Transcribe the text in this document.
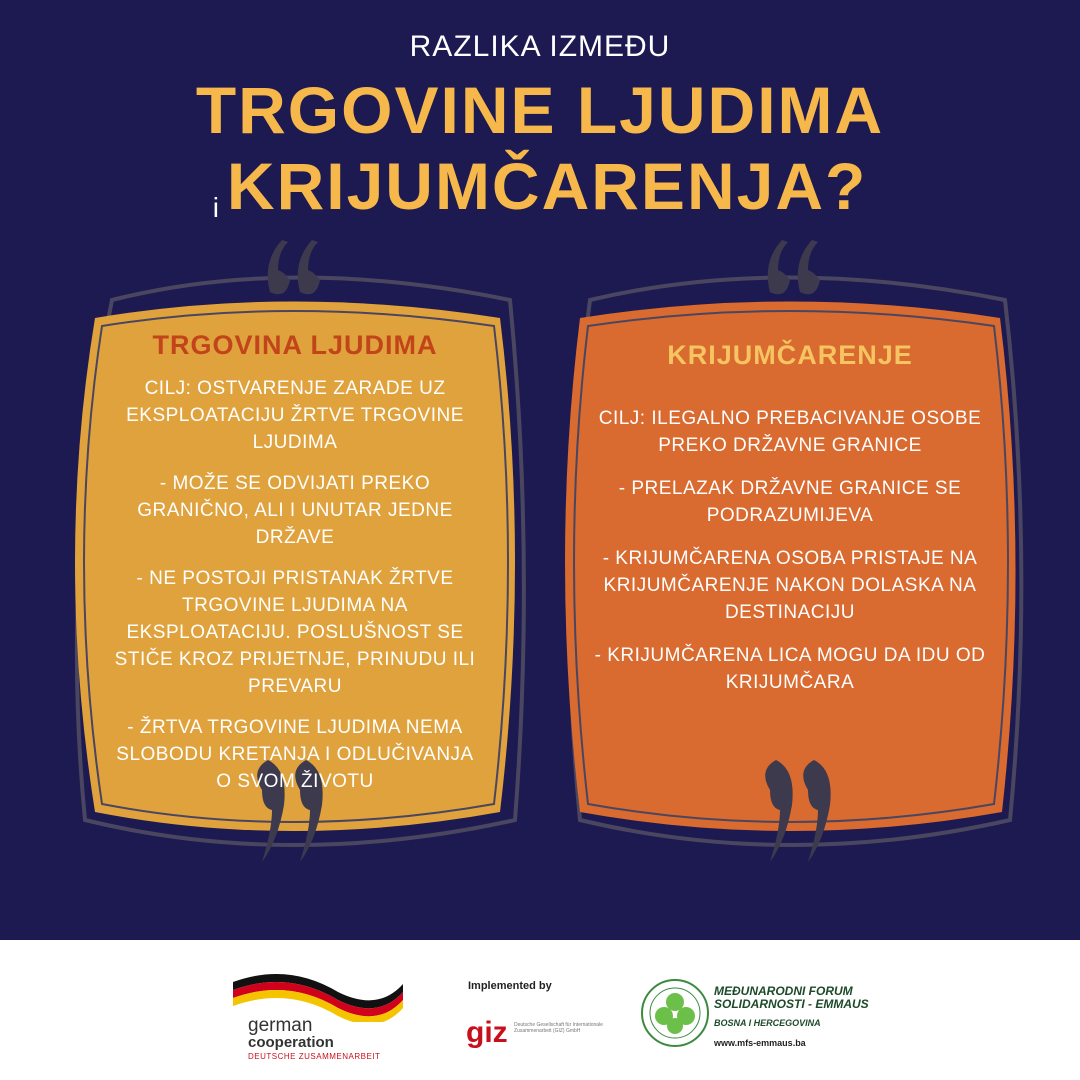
RAZLIKA IZMEĐU
TRGOVINE LJUDIMA
i KRIJUMČARENJA?
TRGOVINA LJUDIMA

CILJ: OSTVARENJE ZARADE UZ EKSPLOATACIJU ŽRTVE TRGOVINE LJUDIMA

- MOŽE SE ODVIJATI PREKO GRANIČNO, ALI I UNUTAR JEDNE DRŽAVE

- NE POSTOJI PRISTANAK ŽRTVE TRGOVINE LJUDIMA NA EKSPLOATACIJU. POSLUŠNOST SE STIČE KROZ PRIJETNJE, PRINUDU ILI PREVARU

- ŽRTVA TRGOVINE LJUDIMA NEMA SLOBODU KRETANJA I ODLUČIVANJA O SVOM ŽIVOTU

KRIJUMČARENJE

CILJ: ILEGALNO PREBACIVANJE OSOBE PREKO DRŽAVNE GRANICE

- PRELAZAK DRŽAVNE GRANICE SE PODRAZUMIJEVA

- KRIJUMČARENA OSOBA PRISTAJE NA KRIJUMČARENJE NAKON DOLASKA NA DESTINACIJU

- KRIJUMČARENA LICA MOGU DA IDU OD KRIJUMČARA

german
cooperation
DEUTSCHE ZUSAMMENARBEIT
Implemented by
giz Deutsche Gesellschaft für Internationale Zusammenarbeit (GIZ) GmbH
MEĐUNARODNI FORUM
SOLIDARNOSTI - EMMAUS
BOSNA I HERCEGOVINA
www.mfs-emmaus.ba
